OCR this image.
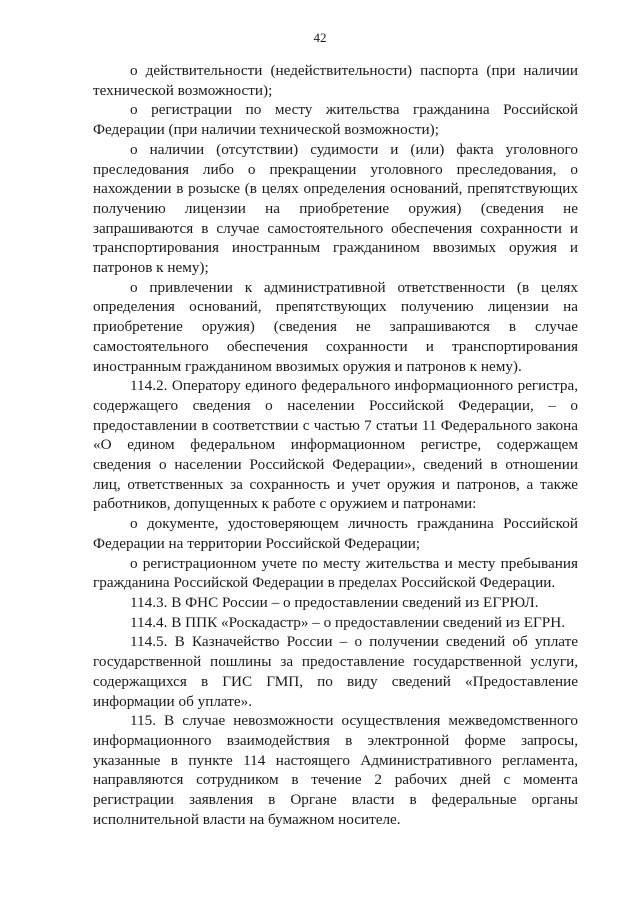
42

о действительности (недействительности) паспорта (при наличии технической возможности);

о регистрации по месту жительства гражданина Российской Федерации (при наличии технической возможности);

о наличии (отсутствии) судимости и (или) факта уголовного преследования либо о прекращении уголовного преследования, о нахождении в розыске (в целях определения оснований, препятствующих получению лицензии на приобретение оружия) (сведения не запрашиваются в случае самостоятельного обеспечения сохранности и транспортирования иностранным гражданином ввозимых оружия и патронов к нему);

о привлечении к административной ответственности (в целях определения оснований, препятствующих получению лицензии на приобретение оружия) (сведения не запрашиваются в случае самостоятельного обеспечения сохранности и транспортирования иностранным гражданином ввозимых оружия и патронов к нему).

114.2. Оператору единого федерального информационного регистра, содержащего сведения о населении Российской Федерации, – о предоставлении в соответствии с частью 7 статьи 11 Федерального закона «О едином федеральном информационном регистре, содержащем сведения о населении Российской Федерации», сведений в отношении лиц, ответственных за сохранность и учет оружия и патронов, а также работников, допущенных к работе с оружием и патронами:

о документе, удостоверяющем личность гражданина Российской Федерации на территории Российской Федерации;

о регистрационном учете по месту жительства и месту пребывания гражданина Российской Федерации в пределах Российской Федерации.

114.3. В ФНС России – о предоставлении сведений из ЕГРЮЛ.

114.4. В ППК «Роскадастр» – о предоставлении сведений из ЕГРН.

114.5. В Казначейство России – о получении сведений об уплате государственной пошлины за предоставление государственной услуги, содержащихся в ГИС ГМП, по виду сведений «Предоставление информации об уплате».

115. В случае невозможности осуществления межведомственного информационного взаимодействия в электронной форме запросы, указанные в пункте 114 настоящего Административного регламента, направляются сотрудником в течение 2 рабочих дней с момента регистрации заявления в Органе власти в федеральные органы исполнительной власти на бумажном носителе.
